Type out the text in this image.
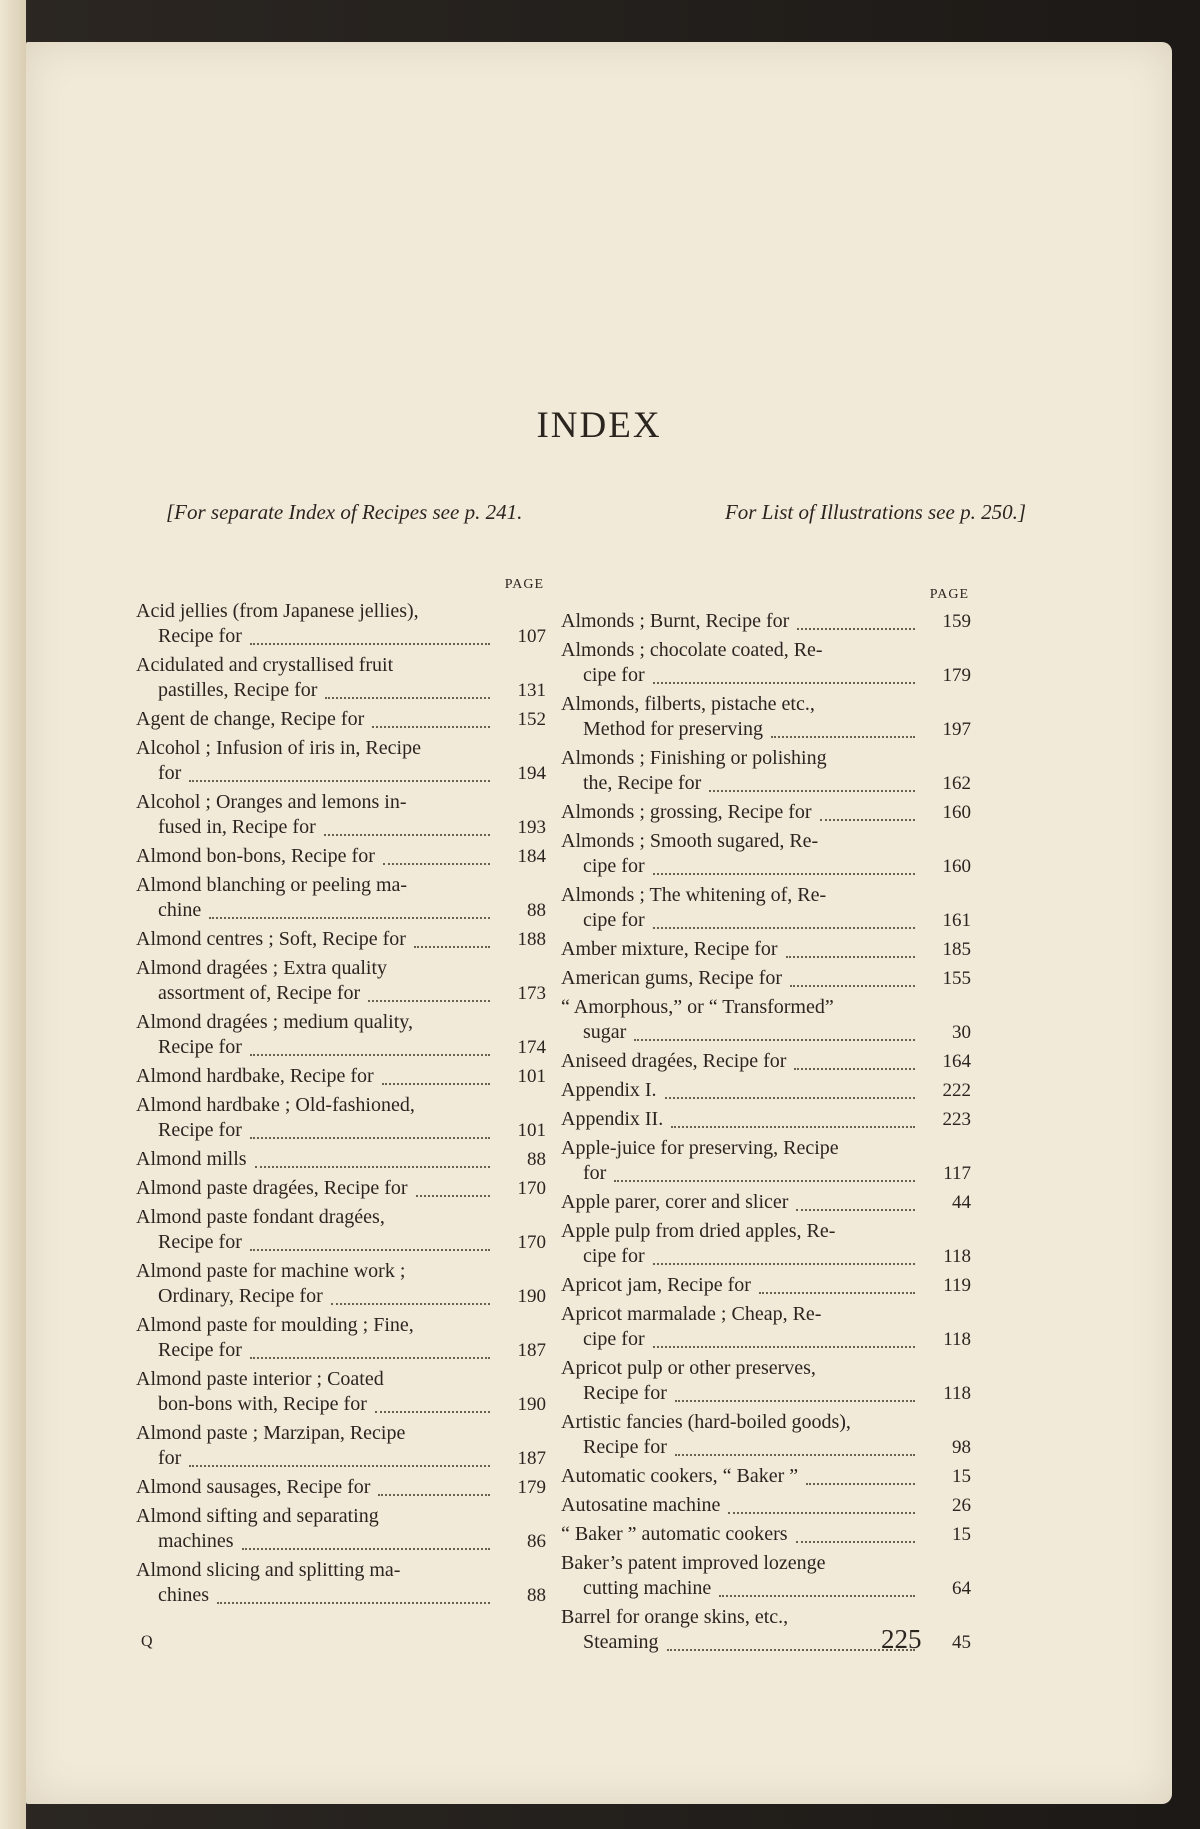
INDEX
[For separate Index of Recipes see p. 241.	For List of Illustrations see p. 250.]
PAGE
Acid jellies (from Japanese jellies),
Recipe for	107
Acidulated and crystallised fruit
pastilles, Recipe for	131
Agent de change, Recipe for	152
Alcohol ; Infusion of iris in, Recipe
for	194
Alcohol ; Oranges and lemons in-
fused in, Recipe for	193
Almond bon-bons, Recipe for	184
Almond blanching or peeling ma-
chine	88
Almond centres ; Soft, Recipe for	188
Almond dragées ; Extra quality
assortment of, Recipe for	173
Almond dragées ; medium quality,
Recipe for	174
Almond hardbake, Recipe for	101
Almond hardbake ; Old-fashioned,
Recipe for	101
Almond mills	88
Almond paste dragées, Recipe for	170
Almond paste fondant dragées,
Recipe for	170
Almond paste for machine work ;
Ordinary, Recipe for	190
Almond paste for moulding ; Fine,
Recipe for	187
Almond paste interior ; Coated
bon-bons with, Recipe for	190
Almond paste ; Marzipan, Recipe
for	187
Almond sausages, Recipe for	179
Almond sifting and separating
machines	86
Almond slicing and splitting ma-
chines	88
PAGE
Almonds ; Burnt, Recipe for	159
Almonds ; chocolate coated, Re-
cipe for	179
Almonds, filberts, pistache etc.,
Method for preserving	197
Almonds ; Finishing or polishing
the, Recipe for	162
Almonds ; grossing, Recipe for	160
Almonds ; Smooth sugared, Re-
cipe for	160
Almonds ; The whitening of, Re-
cipe for	161
Amber mixture, Recipe for	185
American gums, Recipe for	155
“ Amorphous,” or “ Transformed”
sugar	30
Aniseed dragées, Recipe for	164
Appendix I.	222
Appendix II.	223
Apple-juice for preserving, Recipe
for	117
Apple parer, corer and slicer	44
Apple pulp from dried apples, Re-
cipe for	118
Apricot jam, Recipe for	119
Apricot marmalade ; Cheap, Re-
cipe for	118
Apricot pulp or other preserves,
Recipe for	118
Artistic fancies (hard-boiled goods),
Recipe for	98
Automatic cookers, “ Baker ”	15
Autosatine machine	26
“ Baker ” automatic cookers	15
Baker’s patent improved lozenge
cutting machine	64
Barrel for orange skins, etc.,
Steaming	45
Q	225
